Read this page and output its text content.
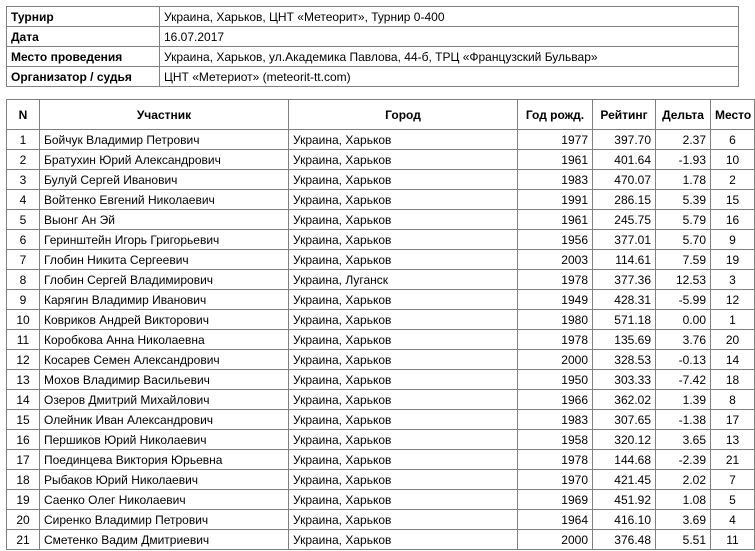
Турнир	Украина, Харьков, ЦНТ «Метеорит», Турнир 0-400
Дата	16.07.2017
Место проведения	Украина, Харьков, ул.Академика Павлова, 44-б, ТРЦ «Французский Бульвар»
Организатор / судья	ЦНТ «Метериот» (meteorit-tt.com)
N	Участник	Город	Год рожд.	Рейтинг	Дельта	Место
1	Бойчук Владимир Петрович	Украина, Харьков	1977	397.70	2.37	6
2	Братухин Юрий Александрович	Украина, Харьков	1961	401.64	-1.93	10
3	Булуй Сергей Иванович	Украина, Харьков	1983	470.07	1.78	2
4	Войтенко Евгений Николаевич	Украина, Харьков	1991	286.15	5.39	15
5	Выонг Ан Эй	Украина, Харьков	1961	245.75	5.79	16
6	Геринштейн Игорь Григорьевич	Украина, Харьков	1956	377.01	5.70	9
7	Глобин Никита Сергеевич	Украина, Харьков	2003	114.61	7.59	19
8	Глобин Сергей Владимирович	Украина, Луганск	1978	377.36	12.53	3
9	Карягин Владимир Иванович	Украина, Харьков	1949	428.31	-5.99	12
10	Ковриков Андрей Викторович	Украина, Харьков	1980	571.18	0.00	1
11	Коробкова Анна Николаевна	Украина, Харьков	1978	135.69	3.76	20
12	Косарев Семен Александрович	Украина, Харьков	2000	328.53	-0.13	14
13	Мохов Владимир Васильевич	Украина, Харьков	1950	303.33	-7.42	18
14	Озеров Дмитрий Михайлович	Украина, Харьков	1966	362.02	1.39	8
15	Олейник Иван Александрович	Украина, Харьков	1983	307.65	-1.38	17
16	Першиков Юрий Николаевич	Украина, Харьков	1958	320.12	3.65	13
17	Поединцева Виктория Юрьевна	Украина, Харьков	1978	144.68	-2.39	21
18	Рыбаков Юрий Николаевич	Украина, Харьков	1970	421.45	2.02	7
19	Саенко Олег Николаевич	Украина, Харьков	1969	451.92	1.08	5
20	Сиренко Владимир Петрович	Украина, Харьков	1964	416.10	3.69	4
21	Сметенко Вадим Дмитриевич	Украина, Харьков	2000	376.48	5.51	11
